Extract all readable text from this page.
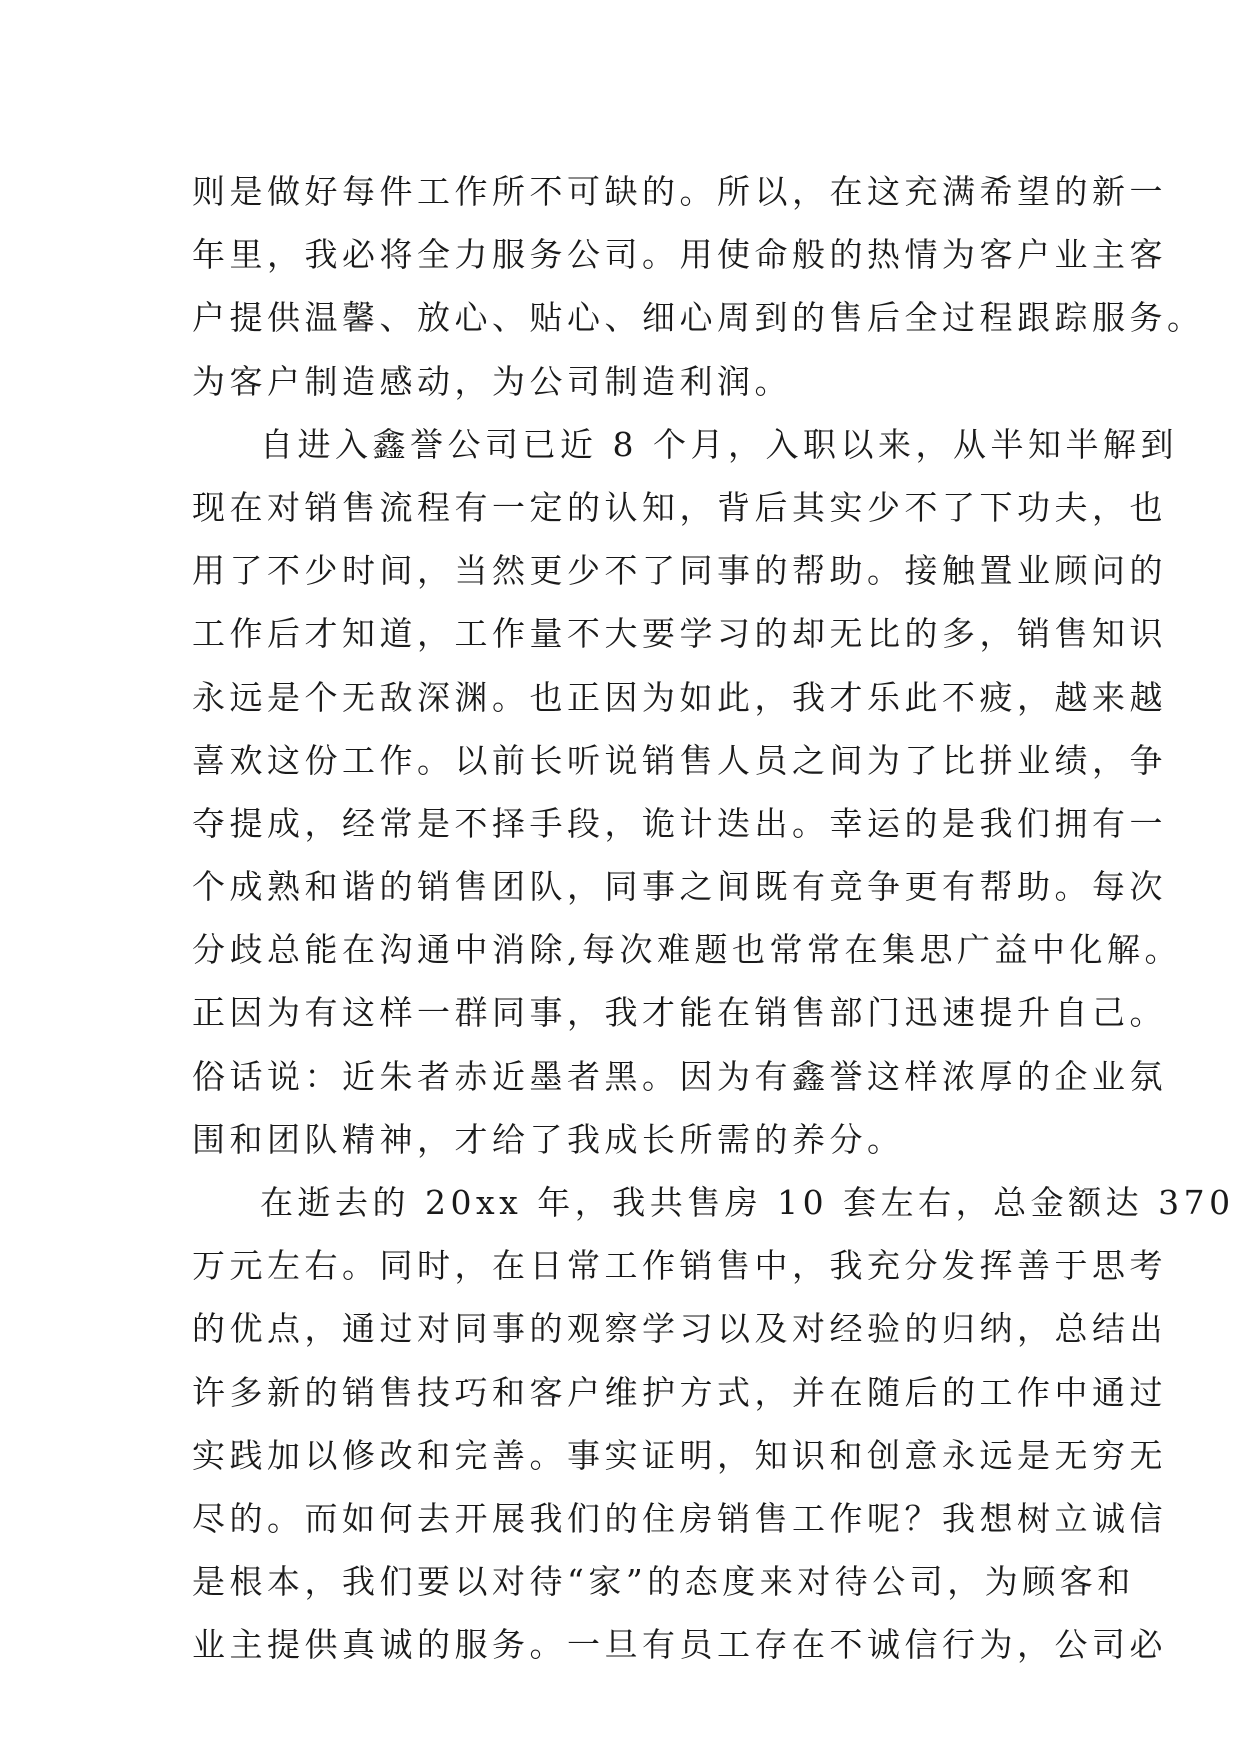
则是做好每件工作所不可缺的。所以，在这充满希望的新一
年里，我必将全力服务公司。用使命般的热情为客户业主客
户提供温馨、放心、贴心、细心周到的售后全过程跟踪服务。
为客户制造感动，为公司制造利润。
自进入鑫誉公司已近 8 个月，入职以来，从半知半解到
现在对销售流程有一定的认知，背后其实少不了下功夫，也
用了不少时间，当然更少不了同事的帮助。接触置业顾问的
工作后才知道，工作量不大要学习的却无比的多，销售知识
永远是个无敌深渊。也正因为如此，我才乐此不疲，越来越
喜欢这份工作。以前长听说销售人员之间为了比拼业绩，争
夺提成，经常是不择手段，诡计迭出。幸运的是我们拥有一
个成熟和谐的销售团队，同事之间既有竞争更有帮助。每次
分歧总能在沟通中消除,每次难题也常常在集思广益中化解。
正因为有这样一群同事，我才能在销售部门迅速提升自己。
俗话说：近朱者赤近墨者黑。因为有鑫誉这样浓厚的企业氛
围和团队精神，才给了我成长所需的养分。
在逝去的 20xx 年，我共售房 10 套左右，总金额达 370
万元左右。同时，在日常工作销售中，我充分发挥善于思考
的优点，通过对同事的观察学习以及对经验的归纳，总结出
许多新的销售技巧和客户维护方式，并在随后的工作中通过
实践加以修改和完善。事实证明，知识和创意永远是无穷无
尽的。而如何去开展我们的住房销售工作呢？我想树立诚信
是根本，我们要以对待“家”的态度来对待公司，为顾客和
业主提供真诚的服务。一旦有员工存在不诚信行为，公司必
